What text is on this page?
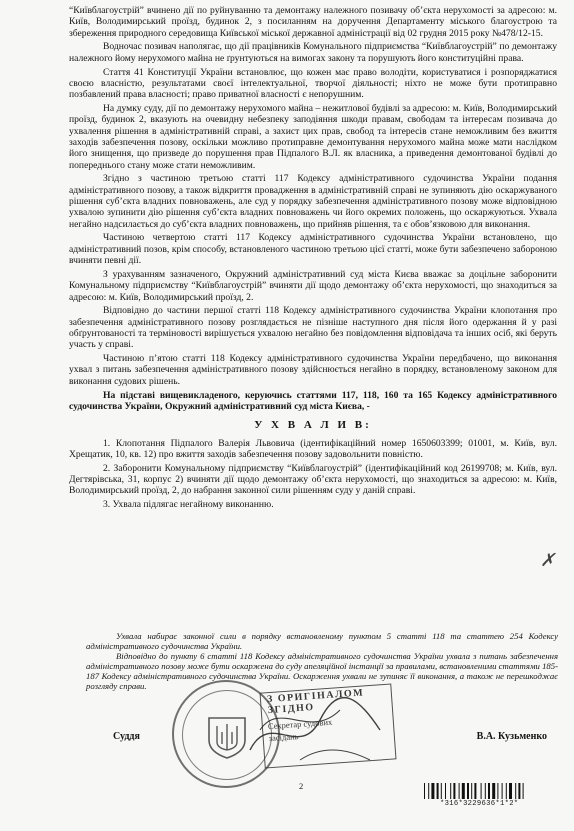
“Київблагоустрій” вчинено дії по руйнуванню та демонтажу належного позивачу об’єкта нерухомості за адресою: м. Київ, Володимирський проїзд, будинок 2, з посиланням на доручення Департаменту міського благоустрою та збереження природного середовища Київської міської державної адміністрації від 02 грудня 2015 року №478/12-15.

Водночас позивач наполягає, що дії працівників Комунального підприємства “Київблагоустрій” по демонтажу належного йому нерухомого майна не ґрунтуються на вимогах закону та порушують його конституційні права.

Стаття 41 Конституції України встановлює, що кожен має право володіти, користуватися і розпоряджатися своєю власністю, результатами своєї інтелектуальної, творчої діяльності; ніхто не може бути протиправно позбавлений права власності; право приватної власності є непорушним.

На думку суду, дії по демонтажу нерухомого майна – нежитлової будівлі за адресою: м. Київ, Володимирський проїзд, будинок 2, вказують на очевидну небезпеку заподіяння шкоди правам, свободам та інтересам позивача до ухвалення рішення в адміністративній справі, а захист цих прав, свобод та інтересів стане неможливим без вжиття заходів забезпечення позову, оскільки можливо протиправне демонтування нерухомого майна може мати наслідком його знищення, що призведе до порушення прав Підпалого В.Л. як власника, а приведення демонтованої будівлі до попереднього стану може стати неможливим.

Згідно з частиною третьою статті 117 Кодексу адміністративного судочинства України подання адміністративного позову, а також відкриття провадження в адміністративній справі не зупиняють дію оскаржуваного рішення суб’єкта владних повноважень, але суд у порядку забезпечення адміністративного позову може відповідною ухвалою зупинити дію рішення суб’єкта владних повноважень чи його окремих положень, що оскаржуються. Ухвала негайно надсилається до суб’єкта владних повноважень, що прийняв рішення, та є обов’язковою для виконання.

Частиною четвертою статті 117 Кодексу адміністративного судочинства України встановлено, що адміністративний позов, крім способу, встановленого частиною третьою цієї статті, може бути забезпечено забороною вчиняти певні дії.

З урахуванням зазначеного, Окружний адміністративний суд міста Києва вважає за доцільне заборонити Комунальному підприємству “Київблагоустрій” вчиняти дії щодо демонтажу об’єкта нерухомості, що знаходиться за адресою: м. Київ, Володимирський проїзд, 2.

Відповідно до частини першої статті 118 Кодексу адміністративного судочинства України клопотання про забезпечення адміністративного позову розглядається не пізніше наступного дня після його одержання й у разі обґрунтованості та терміновості вирішується ухвалою негайно без повідомлення відповідача та інших осіб, які беруть участь у справі.

Частиною п’ятою статті 118 Кодексу адміністративного судочинства України передбачено, що виконання ухвал з питань забезпечення адміністративного позову здійснюється негайно в порядку, встановленому законом для виконання судових рішень.

На підставі вищевикладеного, керуючись статтями 117, 118, 160 та 165 Кодексу адміністративного судочинства України, Окружний адміністративний суд міста Києва, -

У Х В А Л И В:

1. Клопотання Підпалого Валерія Львовича (ідентифікаційний номер 1650603399; 01001, м. Київ, вул. Хрещатик, 10, кв. 12) про вжиття заходів забезпечення позову задовольнити повністю.

2. Заборонити Комунальному підприємству “Київблагоустрій” (ідентифікаційний код 26199708; м. Київ, вул. Дегтярівська, 31, корпус 2) вчиняти дії щодо демонтажу об’єкта нерухомості, що знаходиться за адресою: м. Київ, Володимирський проїзд, 2, до набрання законної сили рішенням суду у даній справі.

3. Ухвала підлягає негайному виконанню.

Ухвала набирає законної сили в порядку встановленому пунктом 5 статті 118 та статтею 254 Кодексу адміністративного судочинства України.

Відповідно до пункту 6 статті 118 Кодексу адміністративного судочинства України ухвала з питань забезпечення адміністративного позову може бути оскаржена до суду апеляційної інстанції за правилами, встановленими статтями 185-187 Кодексу адміністративного судочинства України. Оскарження ухвали не зупиняє її виконання, а також не перешкоджає розгляду справи.

З ОРИГІНАЛОМ ЗГІДНО
Секретар судових
засідань
Суддя	В.А. Кузьменко
✗
2
*316*3229636*1*2*
